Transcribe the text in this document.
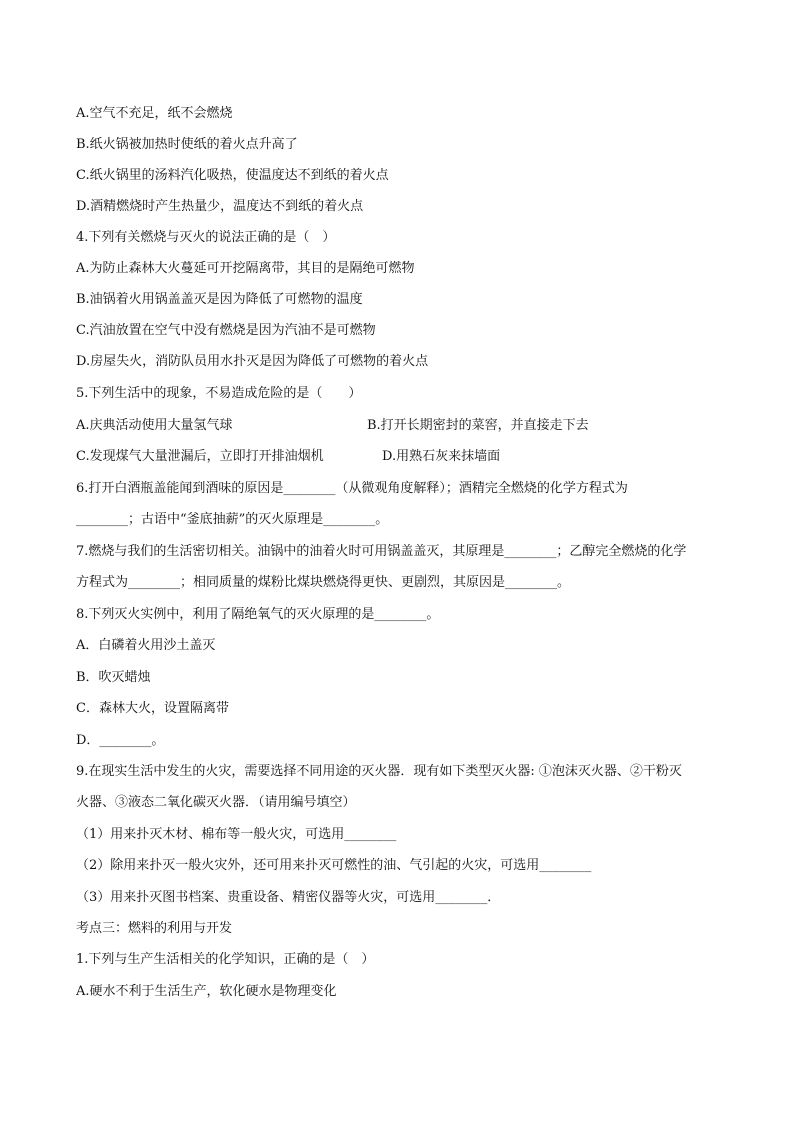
A.空气不充足，纸不会燃烧
B.纸火锅被加热时使纸的着火点升高了
C.纸火锅里的汤料汽化吸热，使温度达不到纸的着火点
D.酒精燃烧时产生热量少，温度达不到纸的着火点
4.下列有关燃烧与灭火的说法正确的是（　）
A.为防止森林大火蔓延可开挖隔离带，其目的是隔绝可燃物
B.油锅着火用锅盖盖灭是因为降低了可燃物的温度
C.汽油放置在空气中没有燃烧是因为汽油不是可燃物
D.房屋失火，消防队员用水扑灭是因为降低了可燃物的着火点
5.下列生活中的现象，不易造成危险的是（　　）
A.庆典活动使用大量氢气球	B.打开长期密封的菜窖，并直接走下去
C.发现煤气大量泄漏后，立即打开排油烟机	D.用熟石灰来抹墙面
6.打开白酒瓶盖能闻到酒味的原因是________（从微观角度解释）；酒精完全燃烧的化学方程式为
________；古语中“釜底抽薪”的灭火原理是________。
7.燃烧与我们的生活密切相关。油锅中的油着火时可用锅盖盖灭，其原理是________；乙醇完全燃烧的化学
方程式为________；相同质量的煤粉比煤块燃烧得更快、更剧烈，其原因是________。
8.下列灭火实例中，利用了隔绝氧气的灭火原理的是________。
A．白磷着火用沙土盖灭
B．吹灭蜡烛
C．森林大火，设置隔离带
D．________。
9.在现实生活中发生的火灾，需要选择不同用途的灭火器．现有如下类型灭火器: ①泡沫灭火器、②干粉灭
火器、③液态二氧化碳灭火器．（请用编号填空）
（1）用来扑灭木材、棉布等一般火灾，可选用________
（2）除用来扑灭一般火灾外，还可用来扑灭可燃性的油、气引起的火灾，可选用________
（3）用来扑灭图书档案、贵重设备、精密仪器等火灾，可选用________．
考点三：燃料的利用与开发
1.下列与生产生活相关的化学知识，正确的是（　）
A.硬水不利于生活生产，软化硬水是物理变化
